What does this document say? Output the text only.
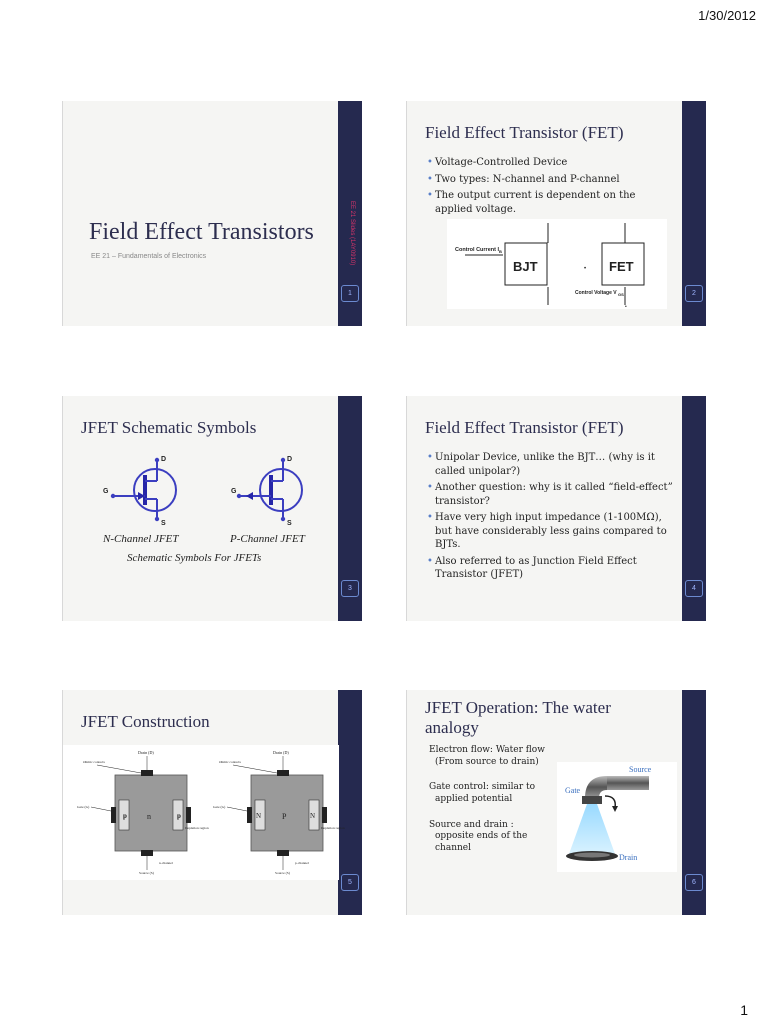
1/30/2012
EE 21 Slides (1AY0910)
1
Field Effect Transistors
EE 21 – Fundamentals of Electronics
2
Field Effect Transistor (FET)
• Voltage-Controlled Device
• Two types: N-channel and P-channel
• The output current is dependent on the applied voltage.
BJT
Control Current I B
FET
•
Control Voltage V GS
•
3
JFET Schematic Symbols
D
G
S
D
G
S
N-Channel JFET	P-Channel JFET
Schematic Symbols For JFETs
4
Field Effect Transistor (FET)
• Unipolar Device, unlike the BJT… (why is it called unipolar?)
• Another question: why is it called “field-effect” transistor?
• Have very high input impedance (1-100MΩ), but have considerably less gains compared to BJTs.
• Also referred to as Junction Field Effect Transistor (JFET)
5
JFET Construction
p	p
n
Drain (D)
Ohmic contacts
Gate (G)
Depletion region
n-channel
Source (S)
N	N
P
Drain (D)
Ohmic contacts
Gate (G)
Depletion region
p-channel
Source (S)
6
JFET Operation: The water analogy

Electron flow: Water flow (From source to drain)

Gate control: similar to applied potential

Source and drain : opposite ends of the channel

Source
Gate
Drain
1
